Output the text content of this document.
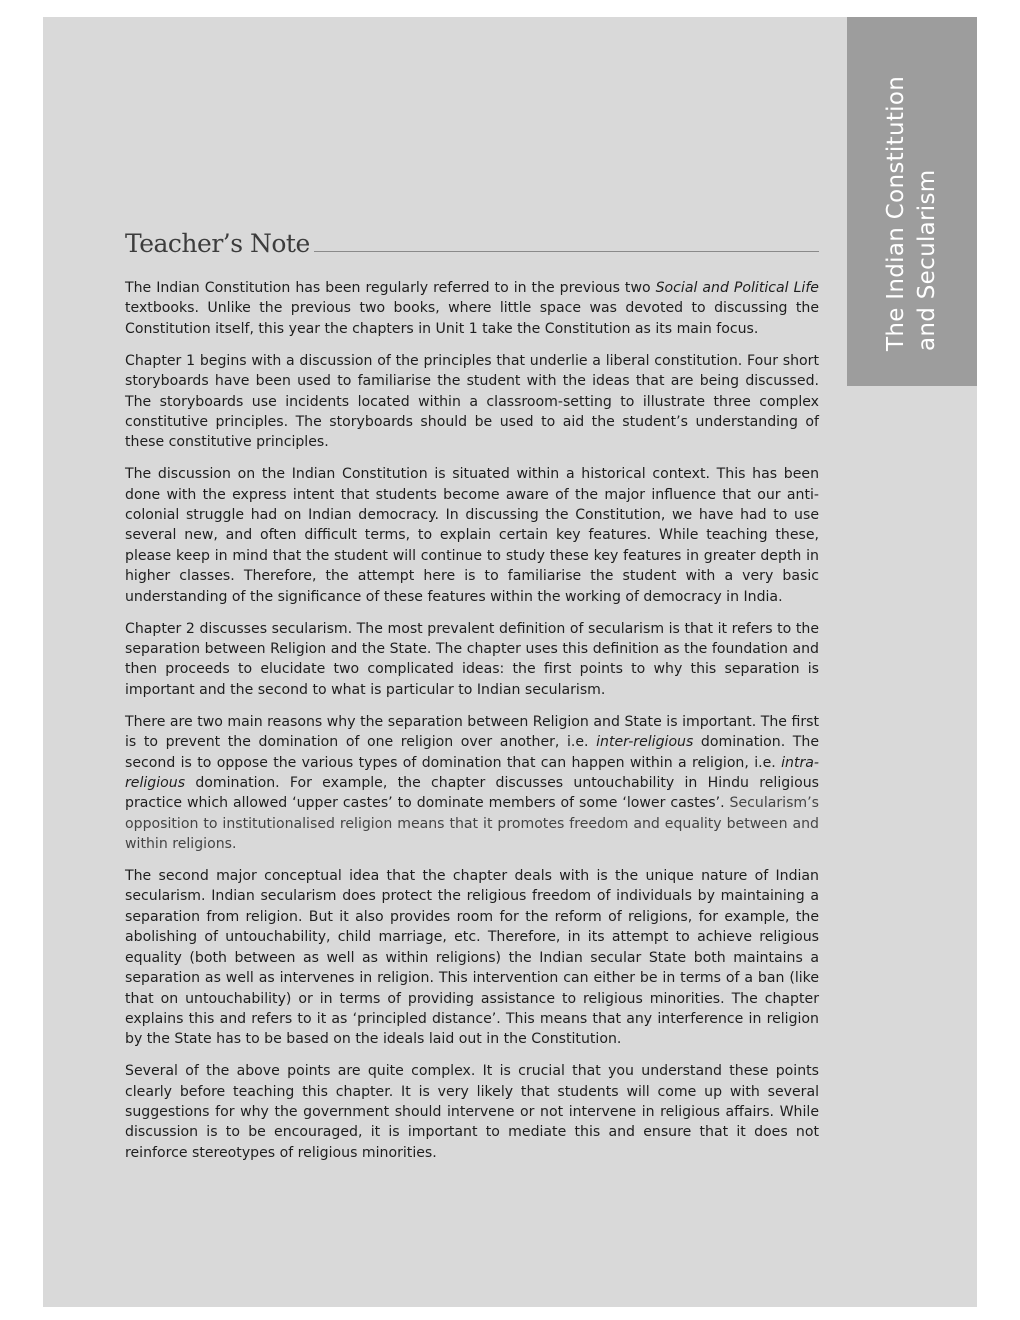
The Indian Constitution and Secularism
Teacher’s Note

The Indian Constitution has been regularly referred to in the previous two Social and Political Life textbooks. Unlike the previous two books, where little space was devoted to discussing the Constitution itself, this year the chapters in Unit 1 take the Constitution as its main focus.

Chapter 1 begins with a discussion of the principles that underlie a liberal constitution. Four short storyboards have been used to familiarise the student with the ideas that are being discussed. The storyboards use incidents located within a classroom-setting to illustrate three complex constitutive principles. The storyboards should be used to aid the student’s understanding of these constitutive principles.

The discussion on the Indian Constitution is situated within a historical context. This has been done with the express intent that students become aware of the major influence that our anti-colonial struggle had on Indian democracy. In discussing the Constitution, we have had to use several new, and often difficult terms, to explain certain key features. While teaching these, please keep in mind that the student will continue to study these key features in greater depth in higher classes. Therefore, the attempt here is to familiarise the student with a very basic understanding of the significance of these features within the working of democracy in India.

Chapter 2 discusses secularism. The most prevalent definition of secularism is that it refers to the separation between Religion and the State. The chapter uses this definition as the foundation and then proceeds to elucidate two complicated ideas: the first points to why this separation is important and the second to what is particular to Indian secularism.

There are two main reasons why the separation between Religion and State is important. The first is to prevent the domination of one religion over another, i.e. inter-religious domination. The second is to oppose the various types of domination that can happen within a religion, i.e. intra-religious domination. For example, the chapter discusses untouchability in Hindu religious practice which allowed ‘upper castes’ to dominate members of some ‘lower castes’. Secularism’s opposition to institutionalised religion means that it promotes freedom and equality between and within religions.

The second major conceptual idea that the chapter deals with is the unique nature of Indian secularism. Indian secularism does protect the religious freedom of individuals by maintaining a separation from religion. But it also provides room for the reform of religions, for example, the abolishing of untouchability, child marriage, etc. Therefore, in its attempt to achieve religious equality (both between as well as within religions) the Indian secular State both maintains a separation as well as intervenes in religion. This intervention can either be in terms of a ban (like that on untouchability) or in terms of providing assistance to religious minorities. The chapter explains this and refers to it as ‘principled distance’. This means that any interference in religion by the State has to be based on the ideals laid out in the Constitution.

Several of the above points are quite complex. It is crucial that you understand these points clearly before teaching this chapter. It is very likely that students will come up with several suggestions for why the government should intervene or not intervene in religious affairs. While discussion is to be encouraged, it is important to mediate this and ensure that it does not reinforce stereotypes of religious minorities.
